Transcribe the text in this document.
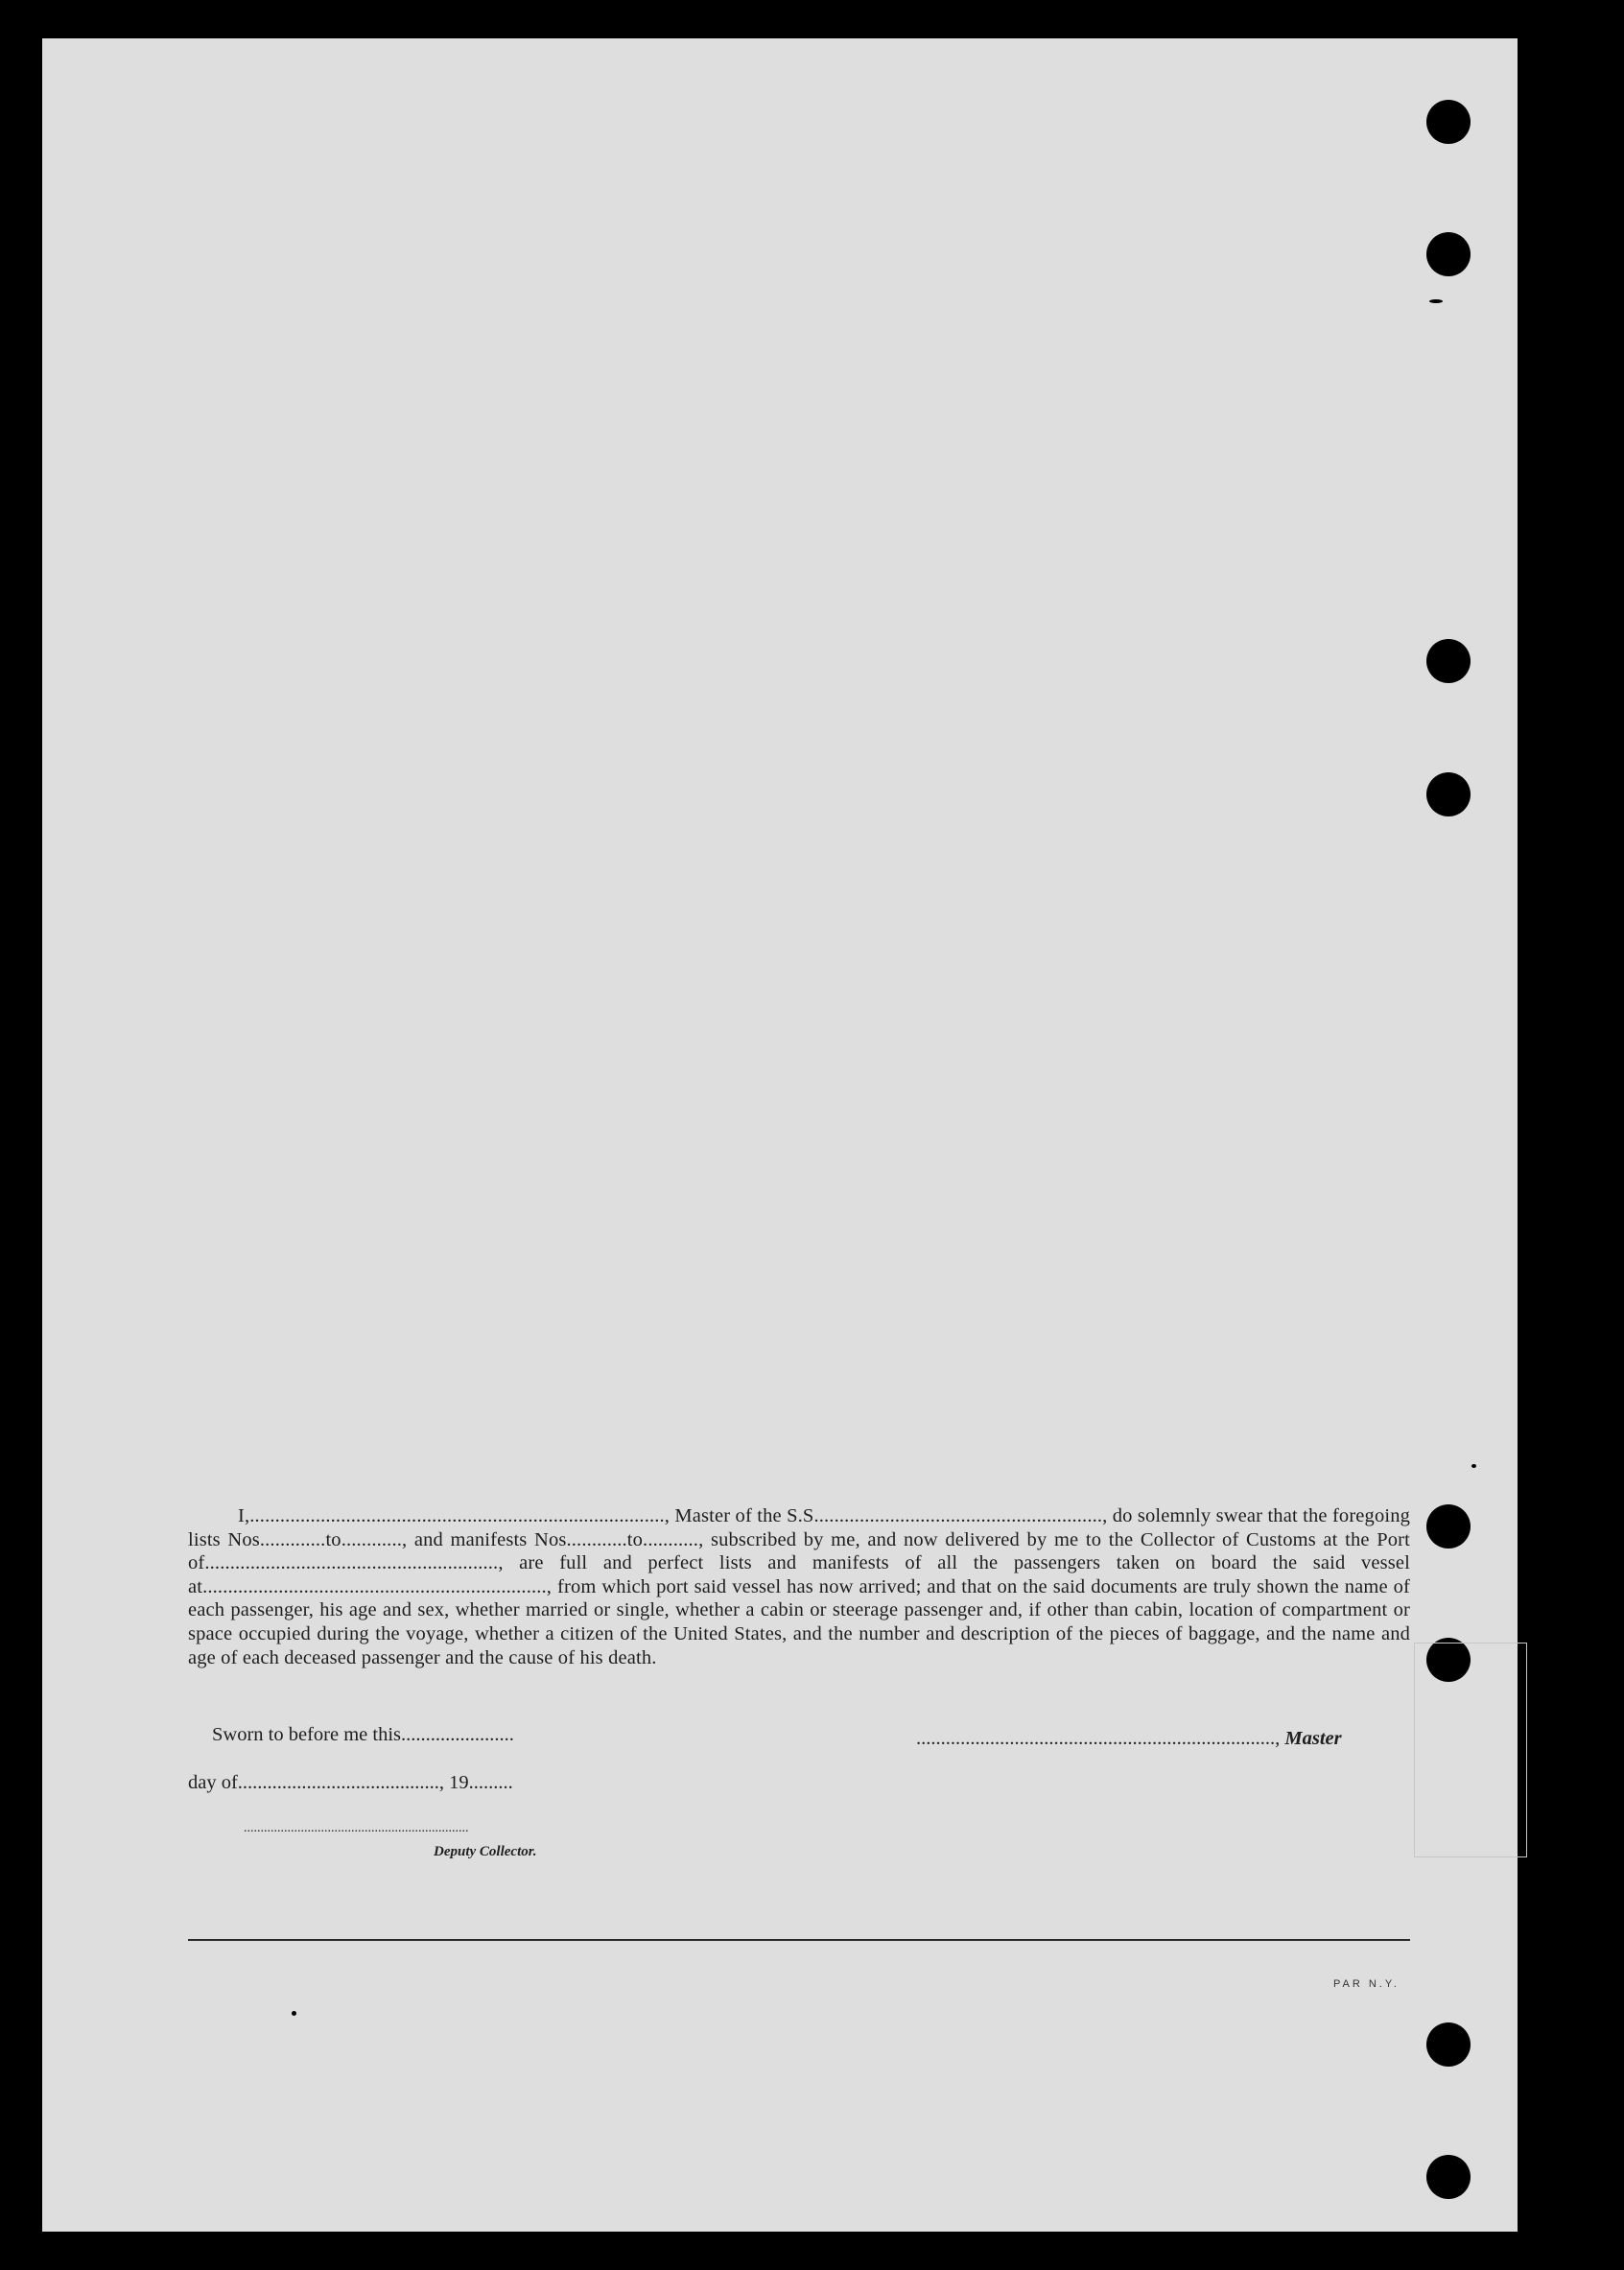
I,.................................................................................., Master of the S.S........................................................., do solemnly swear that the foregoing lists Nos.............to............, and manifests Nos............to..........., subscribed by me, and now delivered by me to the Collector of Customs at the Port of.........................................................., are full and perfect lists and manifests of all the passengers taken on board the said vessel at...................................................................., from which port said vessel has now arrived; and that on the said documents are truly shown the name of each passenger, his age and sex, whether married or single, whether a cabin or steerage passenger and, if other than cabin, location of compartment or space occupied during the voyage, whether a citizen of the United States, and the number and description of the pieces of baggage, and the name and age of each deceased passenger and the cause of his death.

Sworn to before me this.......................	........................................................................., Master
day of........................................., 19.........
...................................................................
Deputy Collector.
PAR N.Y.
